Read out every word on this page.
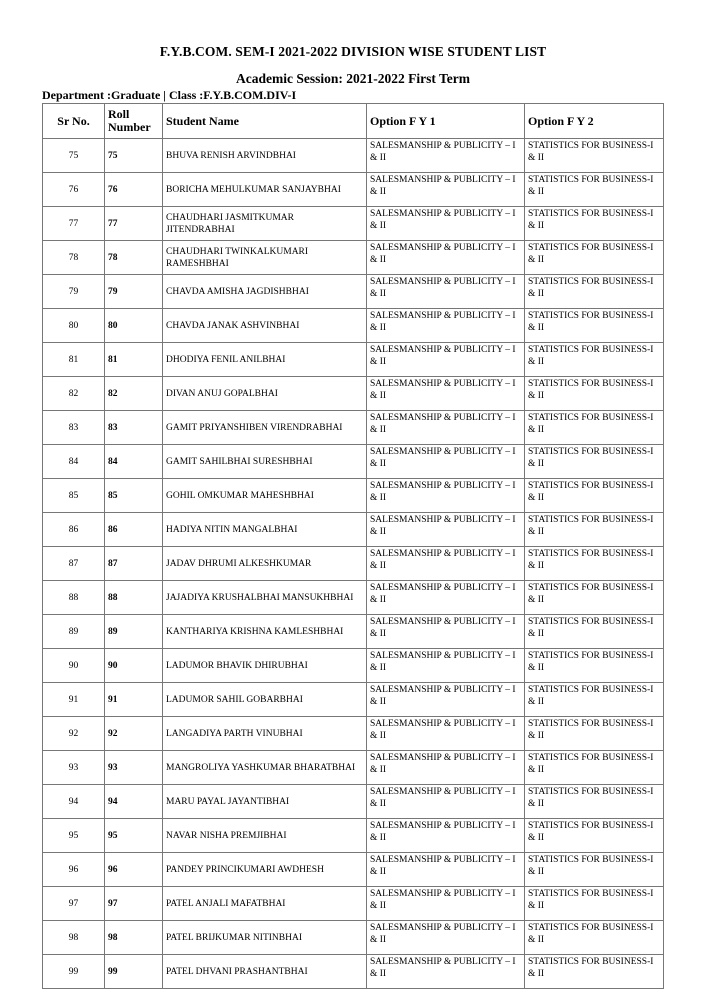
F.Y.B.COM. SEM-I 2021-2022 DIVISION WISE STUDENT LIST
Academic Session: 2021-2022 First Term
Department :Graduate | Class :F.Y.B.COM.DIV-I
Sr No.	Roll Number	Student Name	Option F Y 1	Option F Y 2
75	75	BHUVA RENISH ARVINDBHAI	SALESMANSHIP & PUBLICITY – I & II	STATISTICS FOR BUSINESS-I & II
76	76	BORICHA MEHULKUMAR SANJAYBHAI	SALESMANSHIP & PUBLICITY – I & II	STATISTICS FOR BUSINESS-I & II
77	77	CHAUDHARI JASMITKUMAR JITENDRABHAI	SALESMANSHIP & PUBLICITY – I & II	STATISTICS FOR BUSINESS-I & II
78	78	CHAUDHARI TWINKALKUMARI RAMESHBHAI	SALESMANSHIP & PUBLICITY – I & II	STATISTICS FOR BUSINESS-I & II
79	79	CHAVDA AMISHA JAGDISHBHAI	SALESMANSHIP & PUBLICITY – I & II	STATISTICS FOR BUSINESS-I & II
80	80	CHAVDA JANAK ASHVINBHAI	SALESMANSHIP & PUBLICITY – I & II	STATISTICS FOR BUSINESS-I & II
81	81	DHODIYA FENIL ANILBHAI	SALESMANSHIP & PUBLICITY – I & II	STATISTICS FOR BUSINESS-I & II
82	82	DIVAN ANUJ GOPALBHAI	SALESMANSHIP & PUBLICITY – I & II	STATISTICS FOR BUSINESS-I & II
83	83	GAMIT PRIYANSHIBEN VIRENDRABHAI	SALESMANSHIP & PUBLICITY – I & II	STATISTICS FOR BUSINESS-I & II
84	84	GAMIT SAHILBHAI SURESHBHAI	SALESMANSHIP & PUBLICITY – I & II	STATISTICS FOR BUSINESS-I & II
85	85	GOHIL OMKUMAR MAHESHBHAI	SALESMANSHIP & PUBLICITY – I & II	STATISTICS FOR BUSINESS-I & II
86	86	HADIYA NITIN MANGALBHAI	SALESMANSHIP & PUBLICITY – I & II	STATISTICS FOR BUSINESS-I & II
87	87	JADAV DHRUMI ALKESHKUMAR	SALESMANSHIP & PUBLICITY – I & II	STATISTICS FOR BUSINESS-I & II
88	88	JAJADIYA KRUSHALBHAI MANSUKHBHAI	SALESMANSHIP & PUBLICITY – I & II	STATISTICS FOR BUSINESS-I & II
89	89	KANTHARIYA KRISHNA KAMLESHBHAI	SALESMANSHIP & PUBLICITY – I & II	STATISTICS FOR BUSINESS-I & II
90	90	LADUMOR BHAVIK DHIRUBHAI	SALESMANSHIP & PUBLICITY – I & II	STATISTICS FOR BUSINESS-I & II
91	91	LADUMOR SAHIL GOBARBHAI	SALESMANSHIP & PUBLICITY – I & II	STATISTICS FOR BUSINESS-I & II
92	92	LANGADIYA PARTH VINUBHAI	SALESMANSHIP & PUBLICITY – I & II	STATISTICS FOR BUSINESS-I & II
93	93	MANGROLIYA YASHKUMAR BHARATBHAI	SALESMANSHIP & PUBLICITY – I & II	STATISTICS FOR BUSINESS-I & II
94	94	MARU PAYAL JAYANTIBHAI	SALESMANSHIP & PUBLICITY – I & II	STATISTICS FOR BUSINESS-I & II
95	95	NAVAR NISHA PREMJIBHAI	SALESMANSHIP & PUBLICITY – I & II	STATISTICS FOR BUSINESS-I & II
96	96	PANDEY PRINCIKUMARI AWDHESH	SALESMANSHIP & PUBLICITY – I & II	STATISTICS FOR BUSINESS-I & II
97	97	PATEL ANJALI MAFATBHAI	SALESMANSHIP & PUBLICITY – I & II	STATISTICS FOR BUSINESS-I & II
98	98	PATEL BRIJKUMAR NITINBHAI	SALESMANSHIP & PUBLICITY – I & II	STATISTICS FOR BUSINESS-I & II
99	99	PATEL DHVANI PRASHANTBHAI	SALESMANSHIP & PUBLICITY – I & II	STATISTICS FOR BUSINESS-I & II
